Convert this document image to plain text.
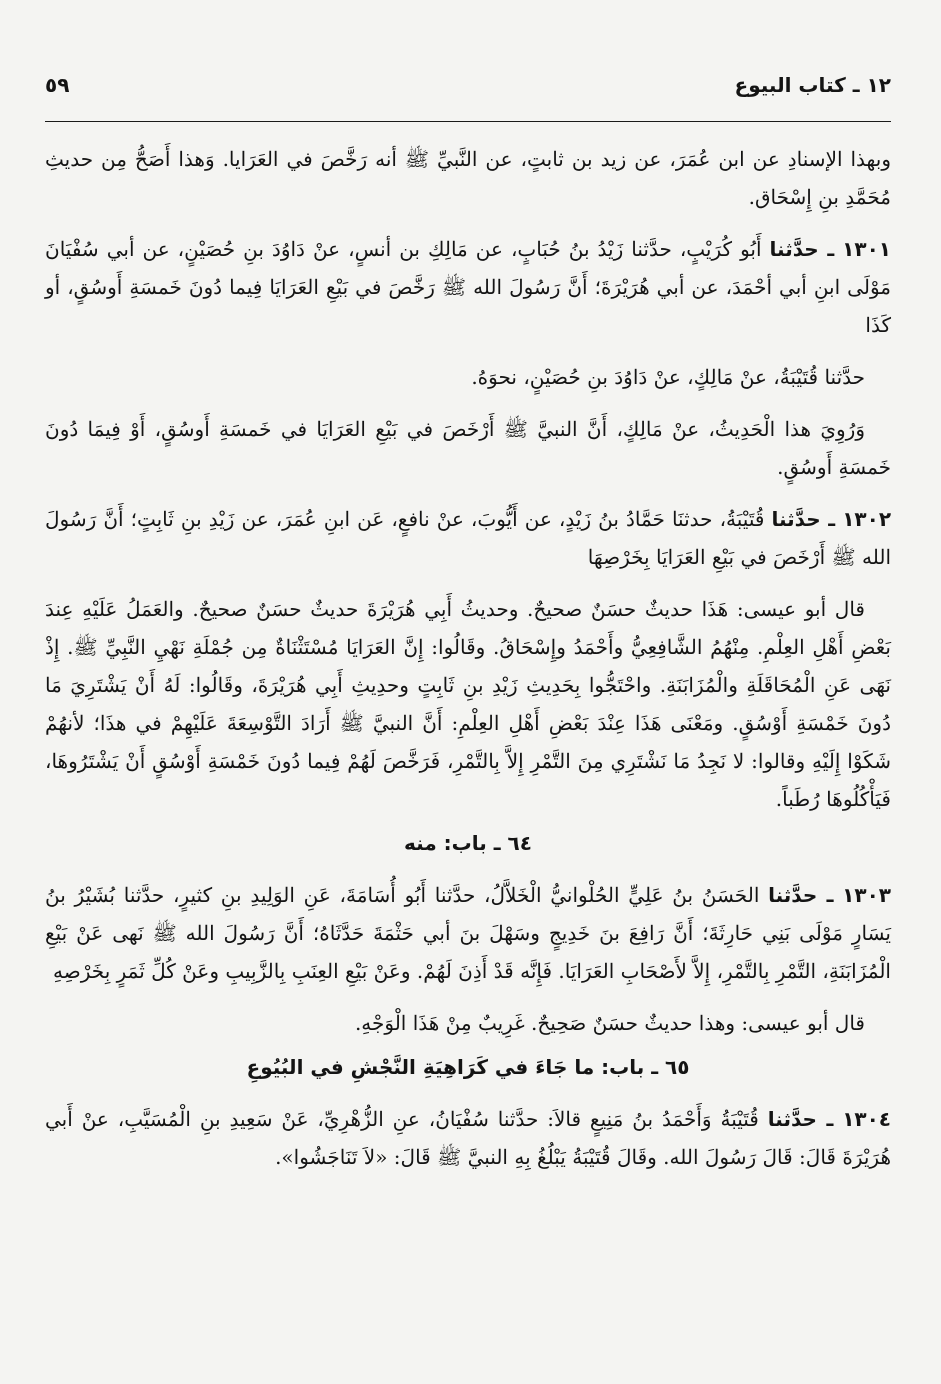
١٢ ـ كتاب البيوع
٥٩

وبهذا الإسنادِ عن ابن عُمَرَ، عن زيد بن ثابتٍ، عن النَّبيِّ ﷺ أنه رَخَّصَ في العَرَايا. وَهذا أَصَحُّ مِن حديثِ مُحَمَّدِ بنِ إِسْحَاق.

١٣٠١ ـ حدَّثنا أَبُو كُرَيْبٍ، حدَّثنا زَيْدُ بنُ حُبَابٍ، عن مَالِكِ بن أنسٍ، عنْ دَاوُدَ بنِ حُصَيْنٍ، عن أبي سُفْيَانَ مَوْلَى ابنِ أبي أحْمَدَ، عن أبي هُرَيْرَةَ؛ أَنَّ رَسُولَ الله ﷺ رَخَّصَ في بَيْعِ العَرَايَا فِيما دُونَ خَمسَةِ أَوسُقٍ، أو كَذَا

حدَّثنا قُتَيْبَةُ، عنْ مَالِكٍ، عنْ دَاوُدَ بنِ حُصَيْنٍ، نحوَهُ.

وَرُوِيَ هذا الْحَدِيثُ، عنْ مَالِكٍ، أَنَّ النبيَّ ﷺ أَرْخَصَ في بَيْعِ العَرَايَا في خَمسَةِ أَوسُقٍ، أَوْ فِيمَا دُونَ خَمسَةِ أَوسُقٍ.

١٣٠٢ ـ حدَّثنا قُتَيْبَةُ، حدثنَا حَمَّادُ بنُ زَيْدٍ، عن أَيُّوبَ، عنْ نافعٍ، عَن ابنِ عُمَرَ، عن زَيْدِ بنِ ثَابِتٍ؛ أَنَّ رَسُولَ الله ﷺ أَرْخَصَ في بَيْعِ العَرَايَا بِخَرْصِهَا

قال أبو عيسى: هَذَا حديثٌ حسَنٌ صحيحٌ. وحديثُ أَبِي هُرَيْرَةَ حديثٌ حسَنٌ صحيحٌ. والعَمَلُ عَلَيْهِ عِندَ بَعْضِ أَهْلِ العِلْمِ. مِنْهُمُ الشَّافِعِيُّ وأَحْمَدُ وإِسْحَاقُ. وقَالُوا: إِنَّ العَرَايَا مُسْتَثْنَاةٌ مِن جُمْلَةِ نَهْيِ النَّبِيِّ ﷺ. إِذْ نَهَى عَنِ الْمُحَاقَلَةِ والْمُزَابَنَةِ. واحْتَجُّوا بِحَدِيثِ زَيْدِ بنِ ثَابِتٍ وحدِيثِ أَبِي هُرَيْرَةَ، وقَالُوا: لَهُ أَنْ يَشْتَرِيَ مَا دُونَ خَمْسَةِ أَوْسُقٍ. ومَعْنَى هَذَا عِنْدَ بَعْضِ أَهْلِ العِلْمِ: أَنَّ النبيَّ ﷺ أَرَادَ التَّوْسِعَةَ عَلَيْهِمْ في هذَا؛ لأنهُمْ شَكَوْا إِلَيْهِ وقالوا: لا نَجِدُ مَا نَشْتَرِي مِنَ التَّمْرِ إِلاَّ بِالتَّمْرِ، فَرَخَّصَ لَهُمْ فِيما دُونَ خَمْسَةِ أَوْسُقٍ أَنْ يَشْتَرُوهَا، فَيَأْكُلُوهَا رُطَباً.

٦٤ ـ باب: منه

١٣٠٣ ـ حدَّثنا الحَسَنُ بنُ عَلِيٍّ الحُلْوانيُّ الْخَلاَّلُ، حدَّثنا أَبُو أُسَامَةَ، عَنِ الوَلِيدِ بنِ كثيرٍ، حدَّثنا بُشَيْرُ بنُ يَسَارٍ مَوْلَى بَنِي حَارِثَةَ؛ أَنَّ رَافِعَ بنَ خَدِيجٍ وسَهْلَ بنَ أبي حَثْمَةَ حَدَّثَاهُ؛ أَنَّ رَسُولَ الله ﷺ نَهى عَنْ بَيْعِ الْمُزَابَنَةِ، التَّمْرِ بِالتَّمْرِ، إِلاَّ لأَصْحَابِ العَرَايَا. فَإِنَّه قَدْ أَذِنَ لَهُمْ. وعَنْ بَيْعِ العِنَبِ بِالزَّبِيبِ وعَنْ كُلِّ ثَمَرٍ بِخَرْصِهِ

قال أبو عيسى: وهذا حديثٌ حسَنٌ صَحِيحٌ. غَرِيبٌ مِنْ هَذَا الْوَجْهِ.

٦٥ ـ باب: ما جَاءَ في كَرَاهِيَةِ النَّجْشِ في البُيُوعِ

١٣٠٤ ـ حدَّثنا قُتَيْبَةُ وَأَحْمَدُ بنُ مَنِيعٍ قالاَ: حدَّثنا سُفْيَانُ، عنِ الزُّهْرِيِّ، عَنْ سَعِيدِ بنِ الْمُسَيَّبِ، عنْ أَبي هُرَيْرَةَ قَالَ: قَالَ رَسُولَ الله. وقَالَ قُتَيْبَةُ يَبْلُغُ بِهِ النبيَّ ﷺ قَالَ: «لاَ تَنَاجَشُوا».
